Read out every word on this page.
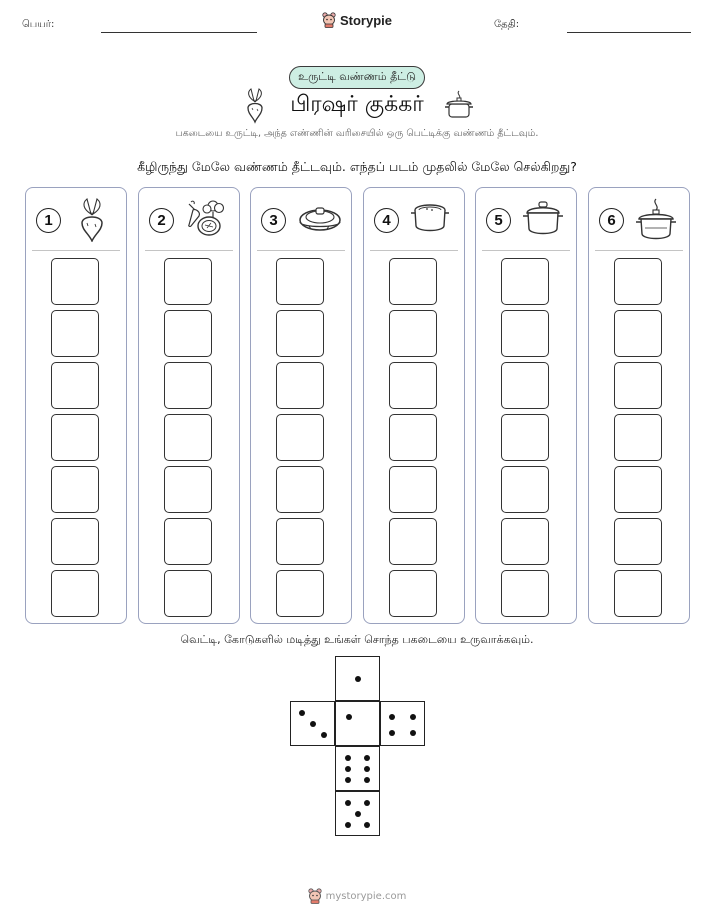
பெயர்:	Storypie	தேதி:
உருட்டி வண்ணம் தீட்டு
பிரஷர் குக்கர்
பகடையை உருட்டி, அந்த எண்ணின் வரிசையில் ஒரு பெட்டிக்கு வண்ணம் தீட்டவும்.
கீழிருந்து மேலே வண்ணம் தீட்டவும். எந்தப் படம் முதலில் மேலே செல்கிறது?
1	2	3	4	5	6
வெட்டி, கோடுகளில் மடித்து உங்கள் சொந்த பகடையை உருவாக்கவும்.
mystorypie.com
